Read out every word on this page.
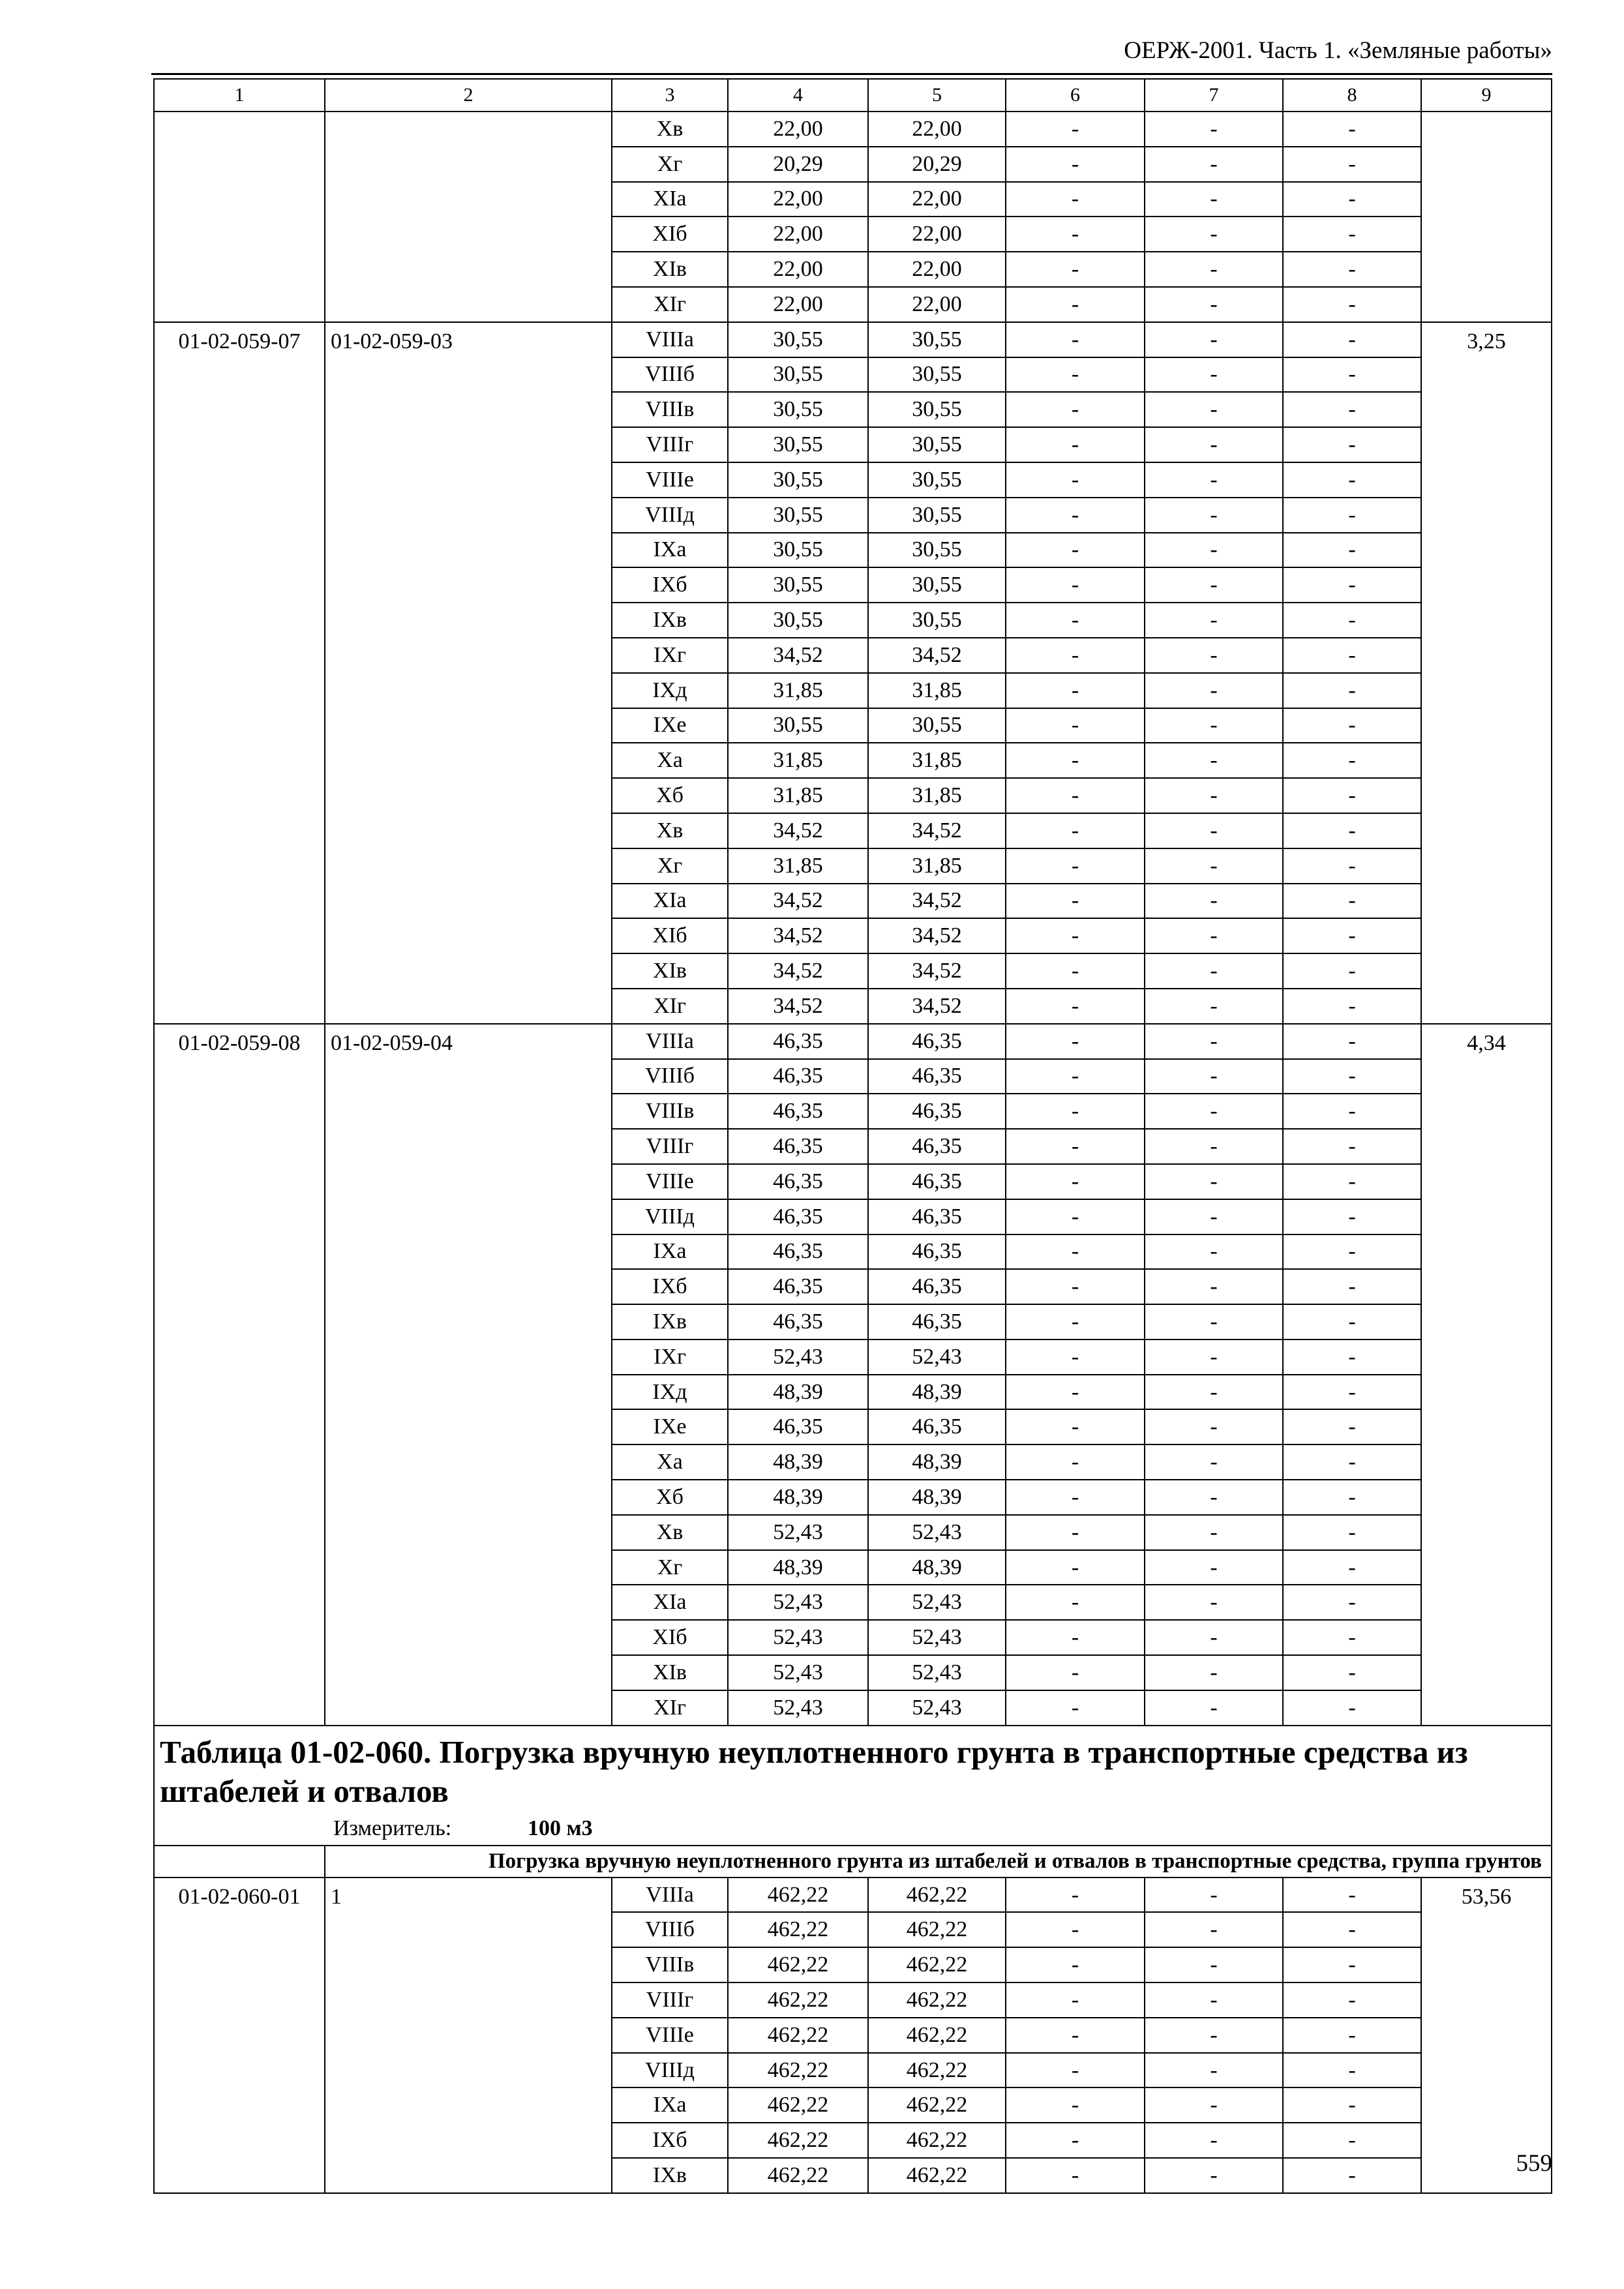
ОЕРЖ-2001. Часть 1. «Земляные работы»
1	2	3	4	5	6	7	8	9
		Xв	22,00	22,00	-	-	-	
		Xг	20,29	20,29	-	-	-	
		XIа	22,00	22,00	-	-	-	
		XIб	22,00	22,00	-	-	-	
		XIв	22,00	22,00	-	-	-	
		XIг	22,00	22,00	-	-	-	
01-02-059-07	01-02-059-03	VIIIа	30,55	30,55	-	-	-	3,25
		VIIIб	30,55	30,55	-	-	-	
		VIIIв	30,55	30,55	-	-	-	
		VIIIг	30,55	30,55	-	-	-	
		VIIIе	30,55	30,55	-	-	-	
		VIIIд	30,55	30,55	-	-	-	
		IXа	30,55	30,55	-	-	-	
		IXб	30,55	30,55	-	-	-	
		IXв	30,55	30,55	-	-	-	
		IXг	34,52	34,52	-	-	-	
		IXд	31,85	31,85	-	-	-	
		IXе	30,55	30,55	-	-	-	
		Xа	31,85	31,85	-	-	-	
		Xб	31,85	31,85	-	-	-	
		Xв	34,52	34,52	-	-	-	
		Xг	31,85	31,85	-	-	-	
		XIа	34,52	34,52	-	-	-	
		XIб	34,52	34,52	-	-	-	
		XIв	34,52	34,52	-	-	-	
		XIг	34,52	34,52	-	-	-	
01-02-059-08	01-02-059-04	VIIIа	46,35	46,35	-	-	-	4,34
		VIIIб	46,35	46,35	-	-	-	
		VIIIв	46,35	46,35	-	-	-	
		VIIIг	46,35	46,35	-	-	-	
		VIIIе	46,35	46,35	-	-	-	
		VIIIд	46,35	46,35	-	-	-	
		IXа	46,35	46,35	-	-	-	
		IXб	46,35	46,35	-	-	-	
		IXв	46,35	46,35	-	-	-	
		IXг	52,43	52,43	-	-	-	
		IXд	48,39	48,39	-	-	-	
		IXе	46,35	46,35	-	-	-	
		Xа	48,39	48,39	-	-	-	
		Xб	48,39	48,39	-	-	-	
		Xв	52,43	52,43	-	-	-	
		Xг	48,39	48,39	-	-	-	
		XIа	52,43	52,43	-	-	-	
		XIб	52,43	52,43	-	-	-	
		XIв	52,43	52,43	-	-	-	
		XIг	52,43	52,43	-	-	-	

Таблица 01-02-060. Погрузка вручную неуплотненного грунта в транспортные средства из штабелей и отвалов
Измеритель: 100 м3								

	Погрузка вручную неуплотненного грунта из штабелей и отвалов в транспортные средства, группа грунтов							
01-02-060-01	1	VIIIа	462,22	462,22	-	-	-	53,56
		VIIIб	462,22	462,22	-	-	-	
		VIIIв	462,22	462,22	-	-	-	
		VIIIг	462,22	462,22	-	-	-	
		VIIIе	462,22	462,22	-	-	-	
		VIIIд	462,22	462,22	-	-	-	
		IXа	462,22	462,22	-	-	-	
		IXб	462,22	462,22	-	-	-	
		IXв	462,22	462,22	-	-	-		559
